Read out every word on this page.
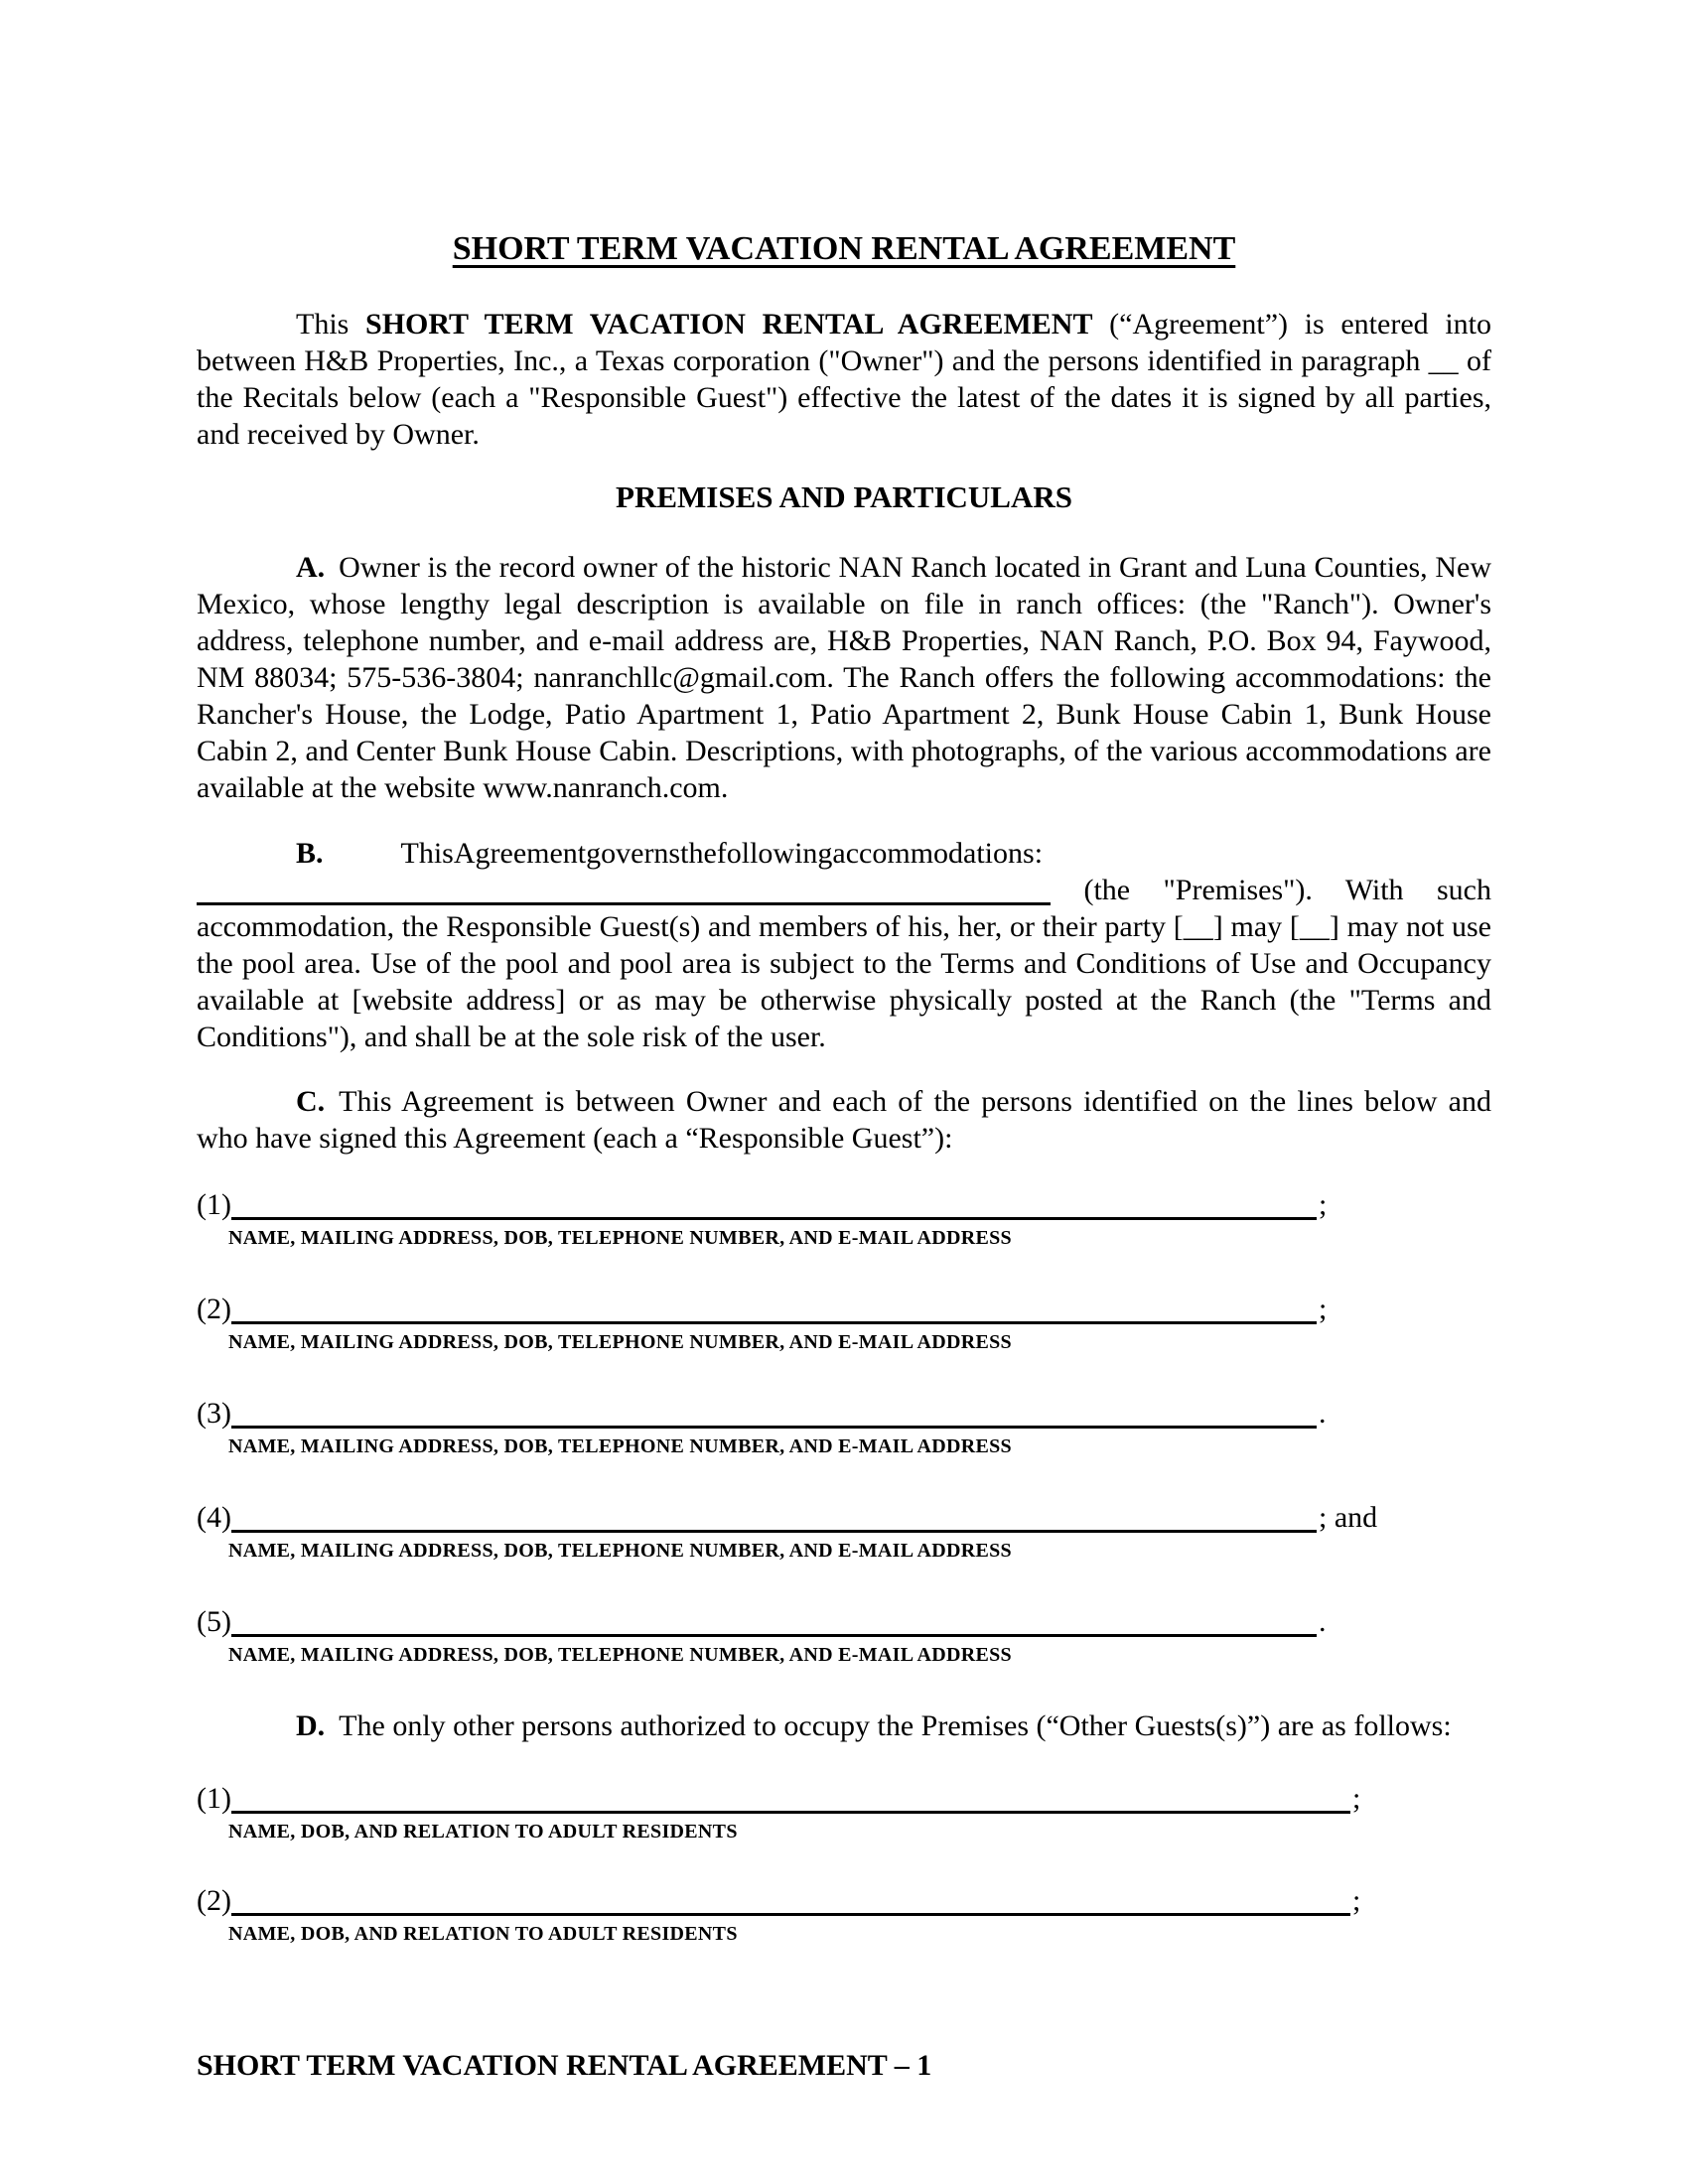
SHORT TERM VACATION RENTAL AGREEMENT

This SHORT TERM VACATION RENTAL AGREEMENT (“Agreement”) is entered into between H&B Properties, Inc., a Texas corporation ("Owner") and the persons identified in paragraph __ of the Recitals below (each a "Responsible Guest") effective the latest of the dates it is signed by all parties, and received by Owner.

PREMISES AND PARTICULARS

A. Owner is the record owner of the historic NAN Ranch located in Grant and Luna Counties, New Mexico, whose lengthy legal description is available on file in ranch offices: (the "Ranch"). Owner's address, telephone number, and e-mail address are, H&B Properties, NAN Ranch, P.O. Box 94, Faywood, NM 88034; 575-536-3804; nanranchllc@gmail.com. The Ranch offers the following accommodations: the Rancher's House, the Lodge, Patio Apartment 1, Patio Apartment 2, Bunk House Cabin 1, Bunk House Cabin 2, and Center Bunk House Cabin. Descriptions, with photographs, of the various accommodations are available at the website www.nanranch.com.

B.	ThisAgreementgovernsthefollowingaccommodations:
(the "Premises"). With such accommodation, the Responsible Guest(s) and members of his, her, or their party [__] may [__] may not use the pool area. Use of the pool and pool area is subject to the Terms and Conditions of Use and Occupancy available at [website address] or as may be otherwise physically posted at the Ranch (the "Terms and Conditions"), and shall be at the sole risk of the user.

C. This Agreement is between Owner and each of the persons identified on the lines below and who have signed this Agreement (each a “Responsible Guest”):

(1)	;
NAME, MAILING ADDRESS, DOB, TELEPHONE NUMBER, AND E-MAIL ADDRESS
(2)	;
NAME, MAILING ADDRESS, DOB, TELEPHONE NUMBER, AND E-MAIL ADDRESS
(3)	.
NAME, MAILING ADDRESS, DOB, TELEPHONE NUMBER, AND E-MAIL ADDRESS
(4)	; and
NAME, MAILING ADDRESS, DOB, TELEPHONE NUMBER, AND E-MAIL ADDRESS
(5)	.
NAME, MAILING ADDRESS, DOB, TELEPHONE NUMBER, AND E-MAIL ADDRESS

D. The only other persons authorized to occupy the Premises (“Other Guests(s)”) are as follows:

(1)	;
NAME, DOB, AND RELATION TO ADULT RESIDENTS
(2)	;
NAME, DOB, AND RELATION TO ADULT RESIDENTS
SHORT TERM VACATION RENTAL AGREEMENT – 1
